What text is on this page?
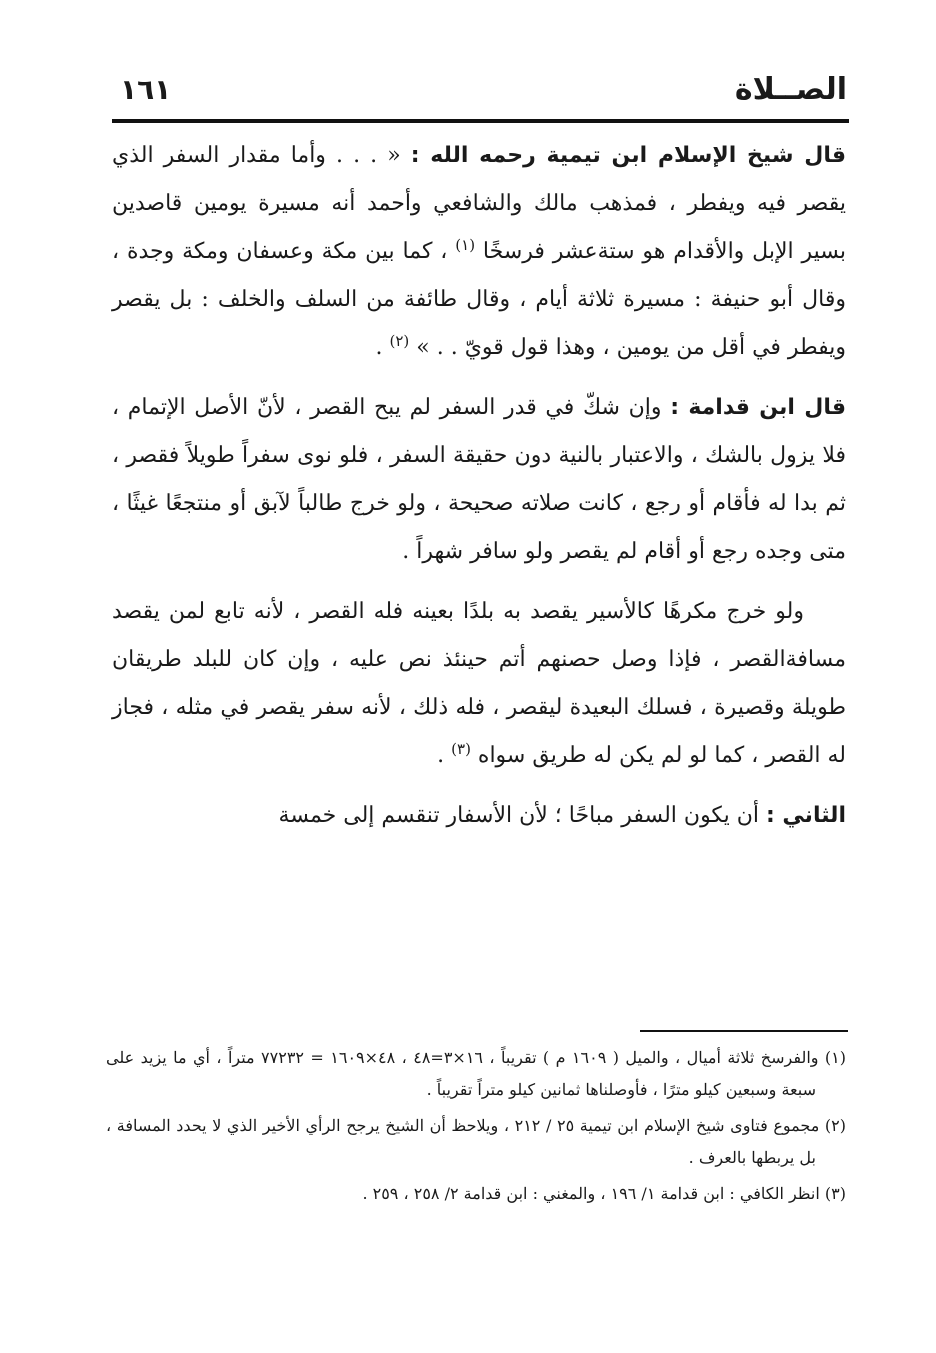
الصــلاة
١٦١

قال شيخ الإسلام ابن تيمية رحمه الله : « . . . وأما مقدار السفر الذي يقصر فيه ويفطر ، فمذهب مالك والشافعي وأحمد أنه مسيرة يومين قاصدين بسير الإبل والأقدام هو ستةعشر فرسخًا $^{(١)}$ ، كما بين مكة وعسفان ومكة وجدة ، وقال أبو حنيفة : مسيرة ثلاثة أيام ، وقال طائفة من السلف والخلف : بل يقصر ويفطر في أقل من يومين ، وهذا قول قويّ . . » $^{(٢)}$ .

قال ابن قدامة : وإن شكّ في قدر السفر لم يبح القصر ، لأنّ الأصل الإتمام ، فلا يزول بالشك ، والاعتبار بالنية دون حقيقة السفر ، فلو نوى سفراً طويلاً فقصر ، ثم بدا له فأقام أو رجع ، كانت صلاته صحيحة ، ولو خرج طالباً لآبق أو منتجعًا غيثًا ، متى وجده رجع أو أقام لم يقصر ولو سافر شهراً .

ولو خرج مكرهًا كالأسير يقصد به بلدًا بعينه فله القصر ، لأنه تابع لمن يقصد مسافةالقصر ، فإذا وصل حصنهم أتم حينئذ نص عليه ، وإن كان للبلد طريقان طويلة وقصيرة ، فسلك البعيدة ليقصر ، فله ذلك ، لأنه سفر يقصر في مثله ، فجاز له القصر ، كما لو لم يكن له طريق سواه $^{(٣)}$ .

الثاني : أن يكون السفر مباحًا ؛ لأن الأسفار تنقسم إلى خمسة

(١) والفرسخ ثلاثة أميال ، والميل ( ١٦٠٩ م ) تقريباً ، ١٦×٣=٤٨ ، ٤٨×١٦٠٩ = ٧٧٢٣٢ متراً ، أي ما يزيد على سبعة وسبعين كيلو مترًا ، فأوصلناها ثمانين كيلو متراً تقريباً .

(٢) مجموع فتاوى شيخ الإسلام ابن تيمية ٢٥ / ٢١٢ ، ويلاحظ أن الشيخ يرجح الرأي الأخير الذي لا يحدد المسافة ، بل يربطها بالعرف .

(٣) انظر الكافي : ابن قدامة ١/ ١٩٦ ، والمغني : ابن قدامة ٢/ ٢٥٨ ، ٢٥٩ .
